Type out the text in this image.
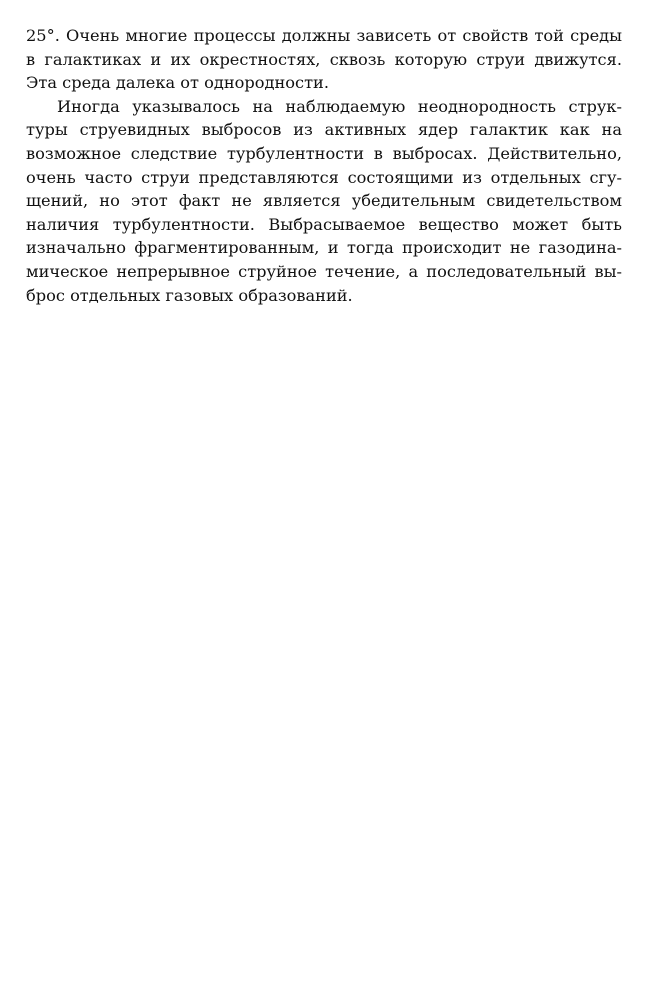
25°. Очень многие процессы должны зависеть от свойств той среды
в галактиках и их окрестностях, сквозь которую струи движутся.
Эта среда далека от однородности.
Иногда указывалось на наблюдаемую неоднородность струк-
туры струевидных выбросов из активных ядер галактик как на
возможное следствие турбулентности в выбросах. Действительно,
очень часто струи представляются состоящими из отдельных сгу-
щений, но этот факт не является убедительным свидетельством
наличия турбулентности. Выбрасываемое вещество может быть
изначально фрагментированным, и тогда происходит не газодина-
мическое непрерывное струйное течение, а последовательный вы-
брос отдельных газовых образований.
